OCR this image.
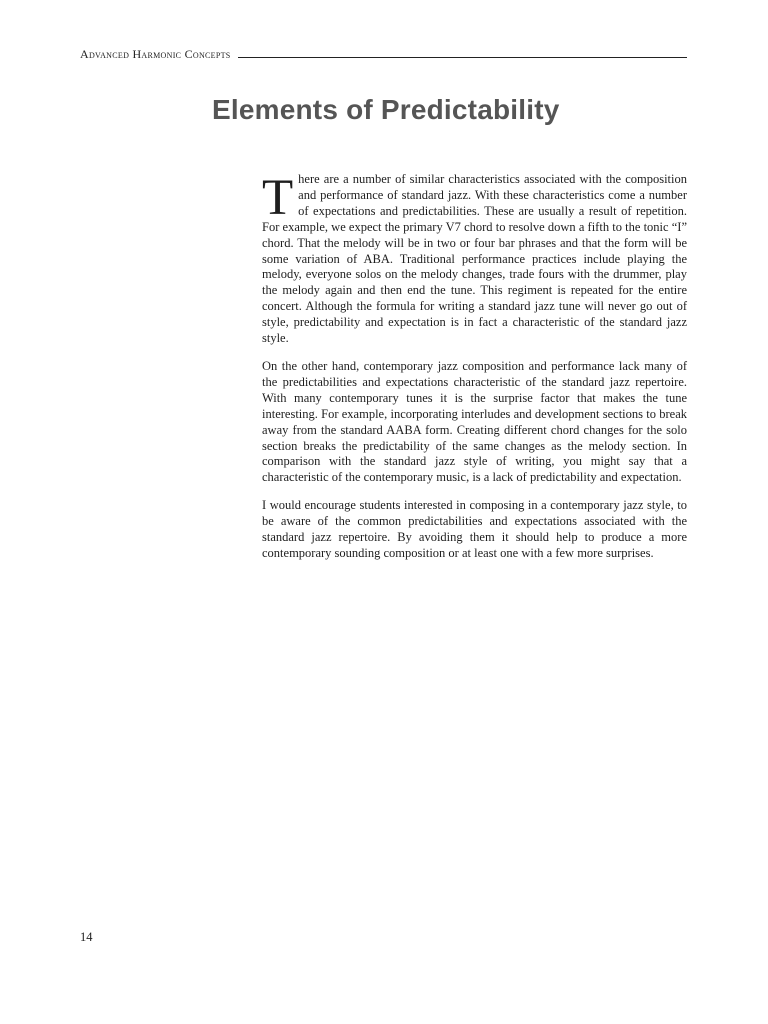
Advanced Harmonic Concepts
Elements of Predictability

There are a number of similar characteristics associated with the composition and performance of standard jazz. With these characteristics come a number of expectations and predictabilities. These are usually a result of repetition. For example, we expect the primary V7 chord to resolve down a fifth to the tonic “I” chord. That the melody will be in two or four bar phrases and that the form will be some variation of ABA. Traditional performance practices include playing the melody, everyone solos on the melody changes, trade fours with the drummer, play the melody again and then end the tune. This regiment is repeated for the entire concert. Although the formula for writing a standard jazz tune will never go out of style, predictability and expectation is in fact a characteristic of the standard jazz style.

On the other hand, contemporary jazz composition and performance lack many of the predictabilities and expectations characteristic of the standard jazz repertoire. With many contemporary tunes it is the surprise factor that makes the tune interesting. For example, incorporating interludes and development sections to break away from the standard AABA form. Creating different chord changes for the solo section breaks the predictability of the same changes as the melody section. In comparison with the standard jazz style of writing, you might say that a characteristic of the contemporary music, is a lack of predictability and expectation.

I would encourage students interested in composing in a contemporary jazz style, to be aware of the common predictabilities and expectations associated with the standard jazz repertoire. By avoiding them it should help to produce a more contemporary sounding composition or at least one with a few more surprises.

14
